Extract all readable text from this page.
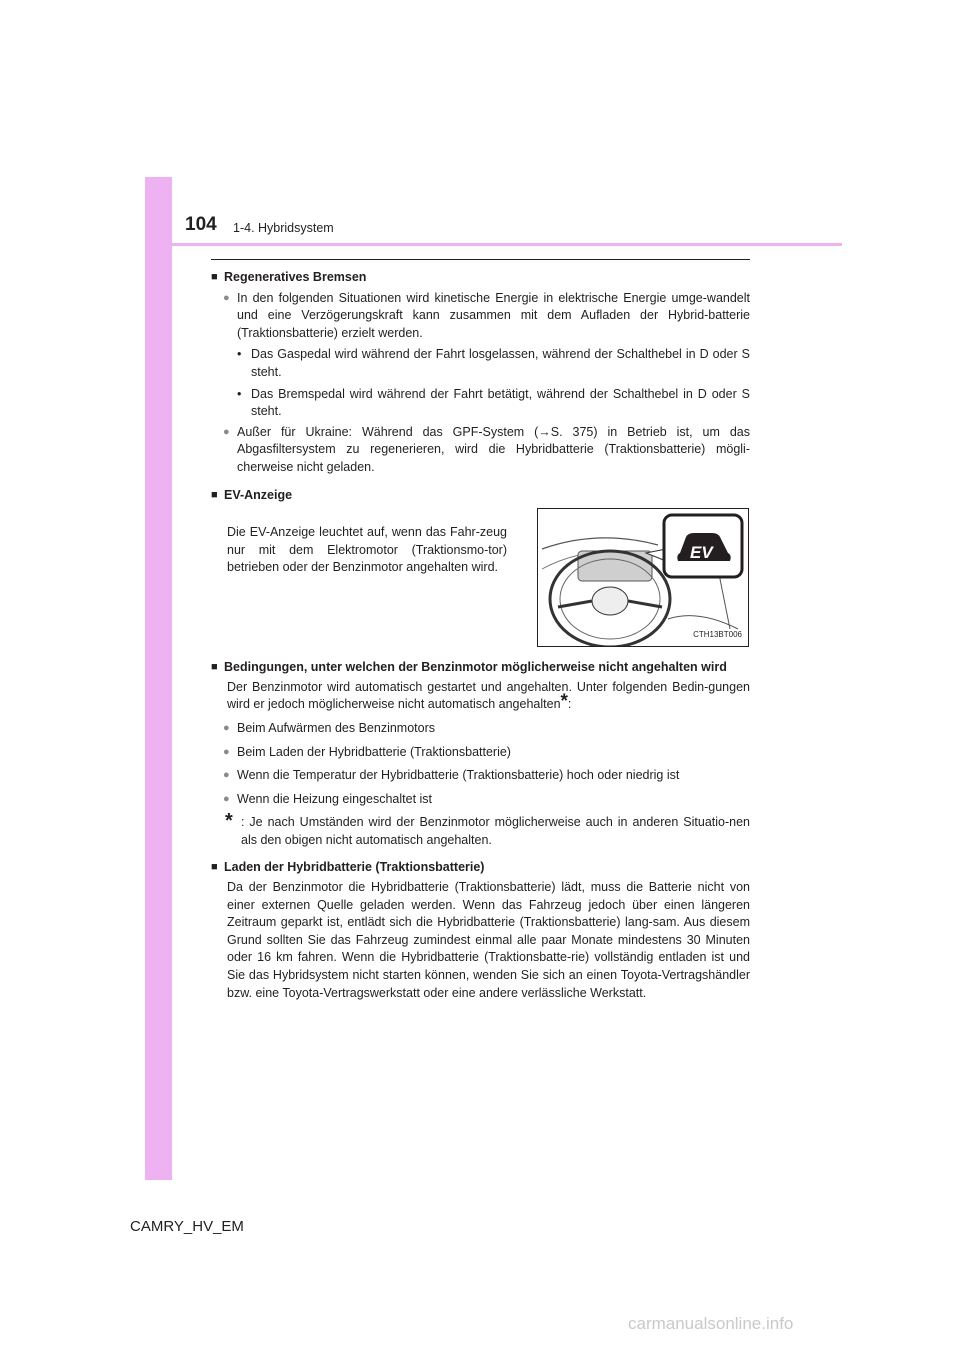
104 1-4. Hybridsystem
■ Regeneratives Bremsen
● In den folgenden Situationen wird kinetische Energie in elektrische Energie umge-wandelt und eine Verzögerungskraft kann zusammen mit dem Aufladen der Hybrid-batterie (Traktionsbatterie) erzielt werden.
• Das Gaspedal wird während der Fahrt losgelassen, während der Schalthebel in D oder S steht.
• Das Bremspedal wird während der Fahrt betätigt, während der Schalthebel in D oder S steht.
● Außer für Ukraine: Während das GPF-System (→S. 375) in Betrieb ist, um das Abgasfiltersystem zu regenerieren, wird die Hybridbatterie (Traktionsbatterie) mögli-cherweise nicht geladen.
■ EV-Anzeige
Die EV-Anzeige leuchtet auf, wenn das Fahr-zeug nur mit dem Elektromotor (Traktionsmo-tor) betrieben oder der Benzinmotor angehalten wird.
EV
CTH13BT006
■ Bedingungen, unter welchen der Benzinmotor möglicherweise nicht angehalten wird
Der Benzinmotor wird automatisch gestartet und angehalten. Unter folgenden Bedin-gungen wird er jedoch möglicherweise nicht automatisch angehalten*:
● Beim Aufwärmen des Benzinmotors
● Beim Laden der Hybridbatterie (Traktionsbatterie)
● Wenn die Temperatur der Hybridbatterie (Traktionsbatterie) hoch oder niedrig ist
● Wenn die Heizung eingeschaltet ist
* : Je nach Umständen wird der Benzinmotor möglicherweise auch in anderen Situatio-nen als den obigen nicht automatisch angehalten.
■ Laden der Hybridbatterie (Traktionsbatterie)
Da der Benzinmotor die Hybridbatterie (Traktionsbatterie) lädt, muss die Batterie nicht von einer externen Quelle geladen werden. Wenn das Fahrzeug jedoch über einen längeren Zeitraum geparkt ist, entlädt sich die Hybridbatterie (Traktionsbatterie) lang-sam. Aus diesem Grund sollten Sie das Fahrzeug zumindest einmal alle paar Monate mindestens 30 Minuten oder 16 km fahren. Wenn die Hybridbatterie (Traktionsbatte-rie) vollständig entladen ist und Sie das Hybridsystem nicht starten können, wenden Sie sich an einen Toyota-Vertragshändler bzw. eine Toyota-Vertragswerkstatt oder eine andere verlässliche Werkstatt.
CAMRY_HV_EM
carmanualsonline.info
